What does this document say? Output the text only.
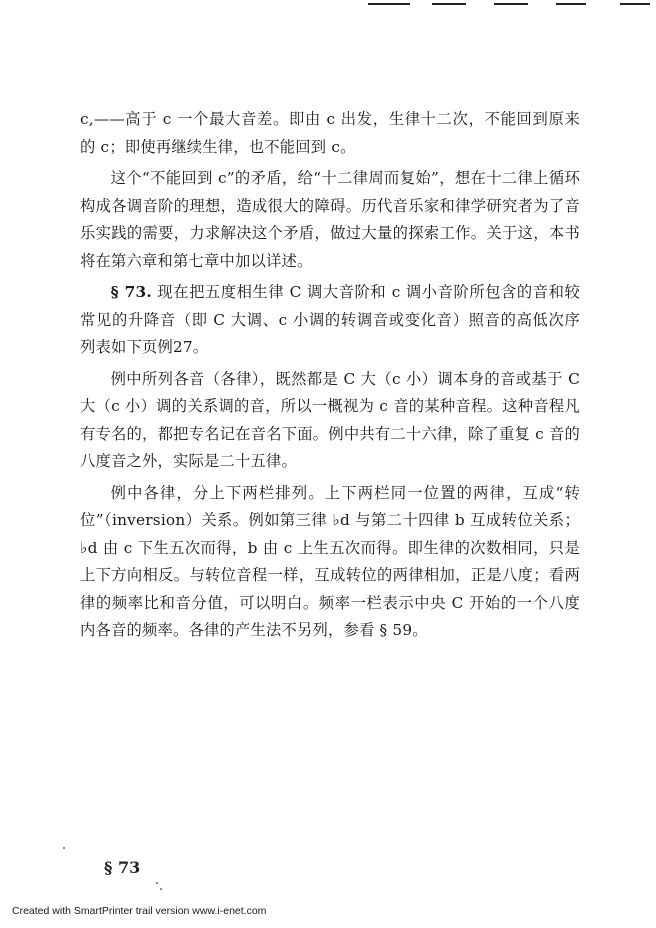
c,——高于 c 一个最大音差。即由 c 出发，生律十二次，不能回到原来的 c；即使再继续生律，也不能回到 c。

这个“不能回到 c”的矛盾，给“十二律周而复始”，想在十二律上循环构成各调音阶的理想，造成很大的障碍。历代音乐家和律学研究者为了音乐实践的需要，力求解决这个矛盾，做过大量的探索工作。关于这，本书将在第六章和第七章中加以详述。

§ 73. 现在把五度相生律 C 调大音阶和 c 调小音阶所包含的音和较常见的升降音（即 C 大调、c 小调的转调音或变化音）照音的高低次序列表如下页例27。

例中所列各音（各律），既然都是 C 大（c 小）调本身的音或基于 C 大（c 小）调的关系调的音，所以一概视为 c 音的某种音程。这种音程凡有专名的，都把专名记在音名下面。例中共有二十六律，除了重复 c 音的八度音之外，实际是二十五律。

例中各律，分上下两栏排列。上下两栏同一位置的两律，互成“转位”（inversion）关系。例如第三律 ♭d 与第二十四律 b 互成转位关系；♭d 由 c 下生五次而得，b 由 c 上生五次而得。即生律的次数相同，只是上下方向相反。与转位音程一样，互成转位的两律相加，正是八度；看两律的频率比和音分值，可以明白。频率一栏表示中央 C 开始的一个八度内各音的频率。各律的产生法不另列，参看 § 59。

§ 73
Created with SmartPrinter trail version www.i-enet.com
